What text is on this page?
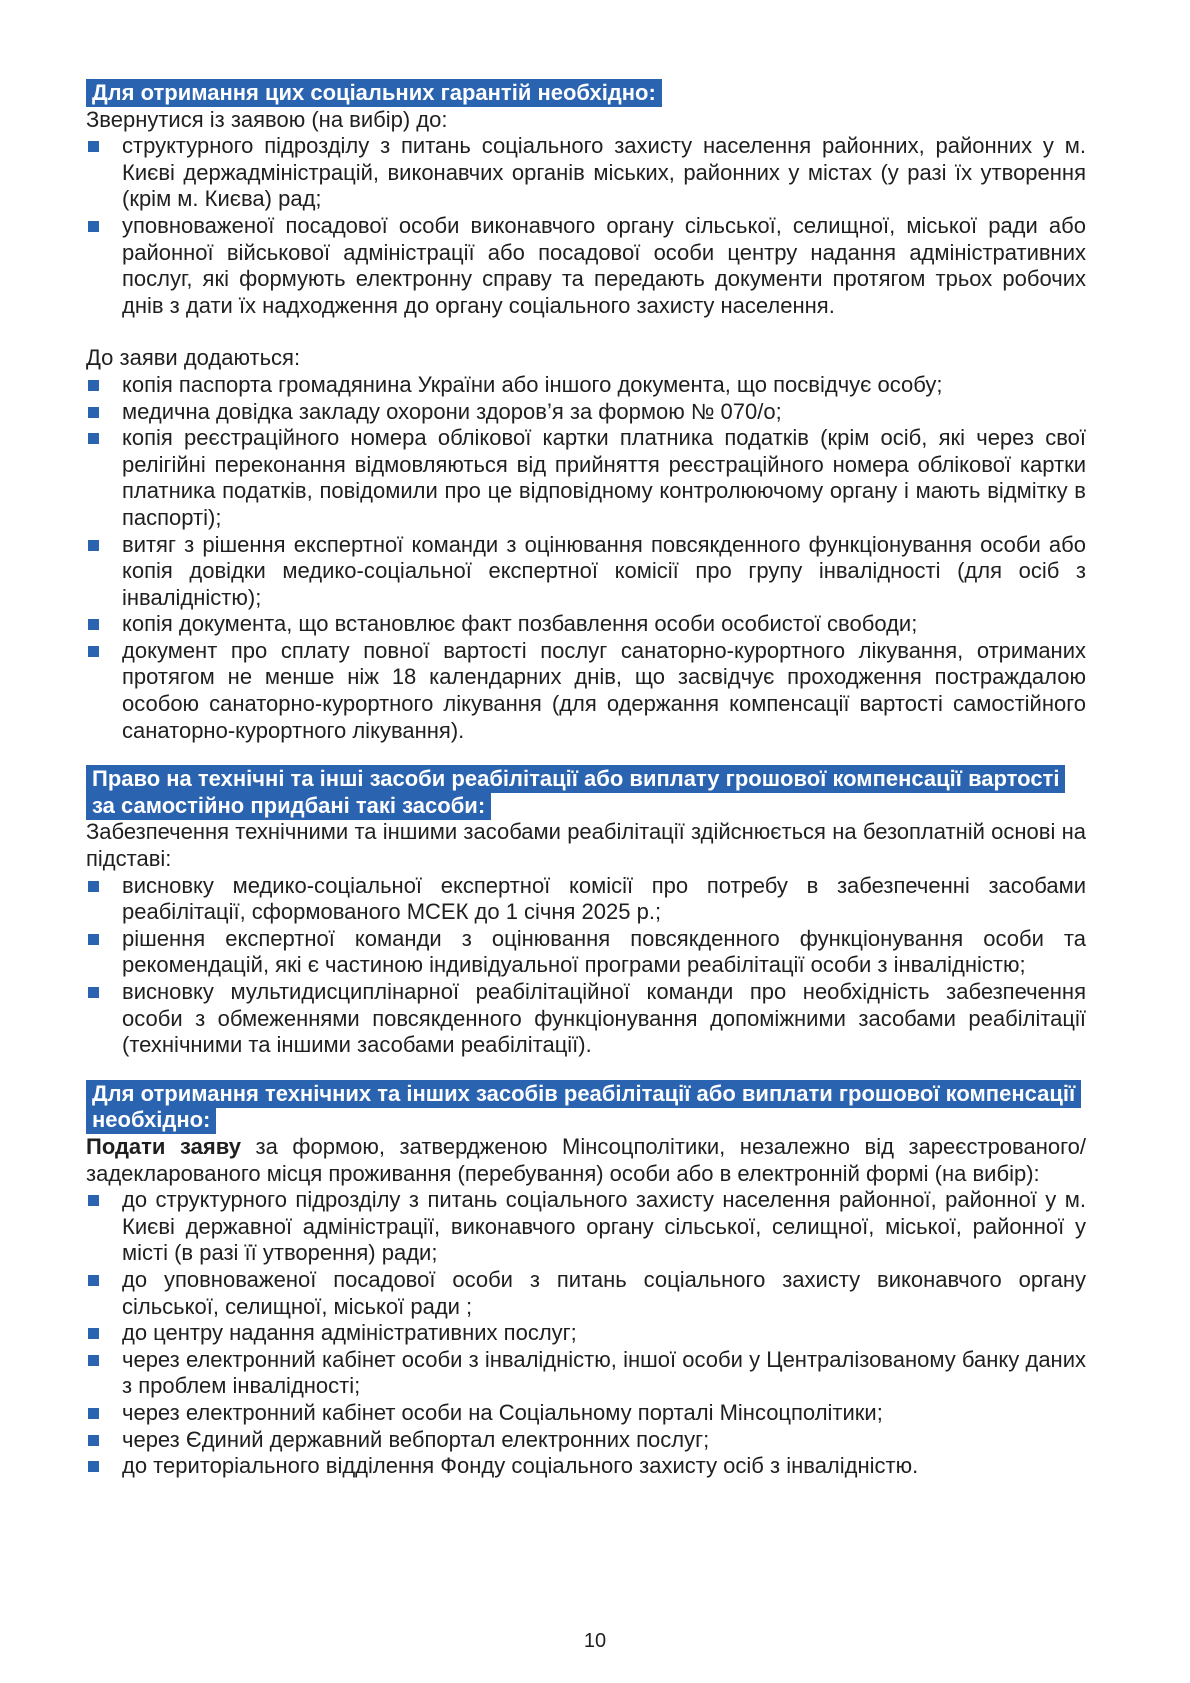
Для отримання цих соціальних гарантій необхідно:

Звернутися із заявою (на вибір) до:

структурного підрозділу з питань соціального захисту населення районних, районних у м. Києві держадміністрацій, виконавчих органів міських, районних у містах (у разі їх утворення (крім м. Києва) рад;
уповноваженої посадової особи виконавчого органу сільської, селищної, міської ради або районної військової адміністрації або посадової особи центру надання адміністративних послуг, які формують електронну справу та передають документи протягом трьох робочих днів з дати їх надходження до органу соціального захисту населення.

До заяви додаються:

копія паспорта громадянина України або іншого документа, що посвідчує особу;
медична довідка закладу охорони здоров’я за формою № 070/о;
копія реєстраційного номера облікової картки платника податків (крім осіб, які через свої релігійні переконання відмовляються від прийняття реєстраційного номера облікової картки платника податків, повідомили про це відповідному контролюючому органу і мають відмітку в паспорті);
витяг з рішення експертної команди з оцінювання повсякденного функціонування особи або копія довідки медико-соціальної експертної комісії про групу інвалідності (для осіб з інвалідністю);
копія документа, що встановлює факт позбавлення особи особистої свободи;
документ про сплату повної вартості послуг санаторно-курортного лікування, отриманих протягом не менше ніж 18 календарних днів, що засвідчує проходження постраждалою особою санаторно-курортного лікування (для одержання компенсації вартості самостійного санаторно-курортного лікування).

Право на технічні та інші засоби реабілітації або виплату грошової компенсації вартості за самостійно придбані такі засоби:

Забезпечення технічними та іншими засобами реабілітації здійснюється на безоплатній основі на підставі:

висновку медико-соціальної експертної комісії про потребу в забезпеченні засобами реабілітації, сформованого МСЕК до 1 січня 2025 р.;
рішення експертної команди з оцінювання повсякденного функціонування особи та рекомендацій, які є частиною індивідуальної програми реабілітації особи з інвалідністю;
висновку мультидисциплінарної реабілітаційної команди про необхідність забезпечення особи з обмеженнями повсякденного функціонування допоміжними засобами реабілітації (технічними та іншими засобами реабілітації).

Для отримання технічних та інших засобів реабілітації або виплати грошової компенсації необхідно:

Подати заяву за формою, затвердженою Мінсоцполітики, незалежно від зареєстрованого/задекларованого місця проживання (перебування) особи або в електронній формі (на вибір):

до структурного підрозділу з питань соціального захисту населення районної, районної у м. Києві державної адміністрації, виконавчого органу сільської, селищної, міської, районної у місті (в разі її утворення) ради;
до уповноваженої посадової особи з питань соціального захисту виконавчого органу сільської, селищної, міської ради ;
до центру надання адміністративних послуг;
через електронний кабінет особи з інвалідністю, іншої особи у Централізованому банку даних з проблем інвалідності;
через електронний кабінет особи на Соціальному порталі Мінсоцполітики;
через Єдиний державний вебпортал електронних послуг;
до територіального відділення Фонду соціального захисту осіб з інвалідністю.
10
